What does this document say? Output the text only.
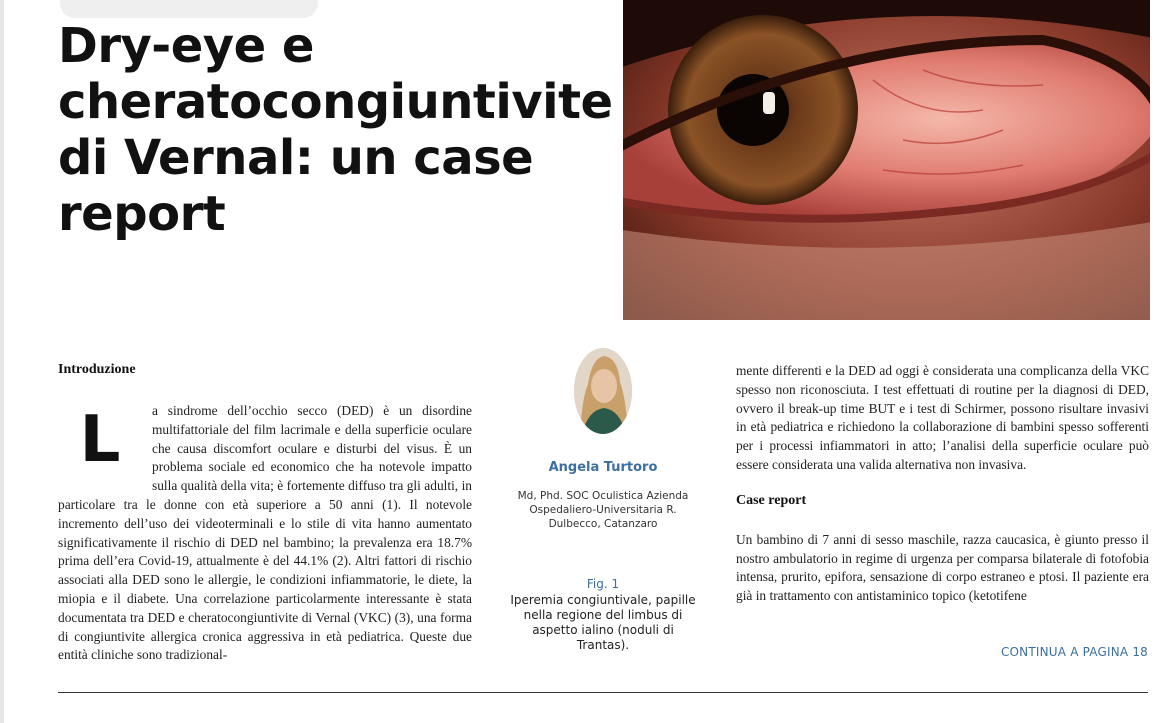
Dry-eye e cheratocongiuntivite di Vernal: un case report
Introduzione
L	a sindrome dell’occhio secco (DED) è un disordine multifattoriale del film lacrimale e della superficie oculare che causa discomfort oculare e disturbi del visus. È un problema sociale ed economico che ha notevole impatto sulla qualità della vita; è fortemente diffuso tra gli adulti, in particolare tra le donne con età superiore a 50 anni (1). Il notevole incremento dell’uso dei videoterminali e lo stile di vita hanno aumentato significativamente il rischio di DED nel bambino; la prevalenza era 18.7% prima dell’era Covid-19, attualmente è del 44.1% (2). Altri fattori di rischio associati alla DED sono le allergie, le condizioni infiammatorie, le diete, la miopia e il diabete. Una correlazione particolarmente interessante è stata documentata tra DED e cheratocongiuntivite di Vernal (VKC) (3), una forma di congiuntivite allergica cronica aggressiva in età pediatrica. Queste due entità cliniche sono tradizional-

Angela Turtoro
Md, Phd. SOC Oculistica Azienda Ospedaliero-Universitaria R. Dulbecco, Catanzaro
Fig. 1
Iperemia congiuntivale, papille nella regione del limbus di aspetto ialino (noduli di Trantas).

mente differenti e la DED ad oggi è considerata una complicanza della VKC spesso non riconosciuta. I test effettuati di routine per la diagnosi di DED, ovvero il break-up time BUT e i test di Schirmer, possono risultare invasivi in età pediatrica e richiedono la collaborazione di bambini spesso sofferenti per i processi infiammatori in atto; l’analisi della superficie oculare può essere considerata una valida alternativa non invasiva.

Case report

Un bambino di 7 anni di sesso maschile, razza caucasica, è giunto presso il nostro ambulatorio in regime di urgenza per comparsa bilaterale di fotofobia intensa, prurito, epifora, sensazione di corpo estraneo e ptosi. Il paziente era già in trattamento con antistaminico topico (ketotifene

CONTINUA A PAGINA 18
